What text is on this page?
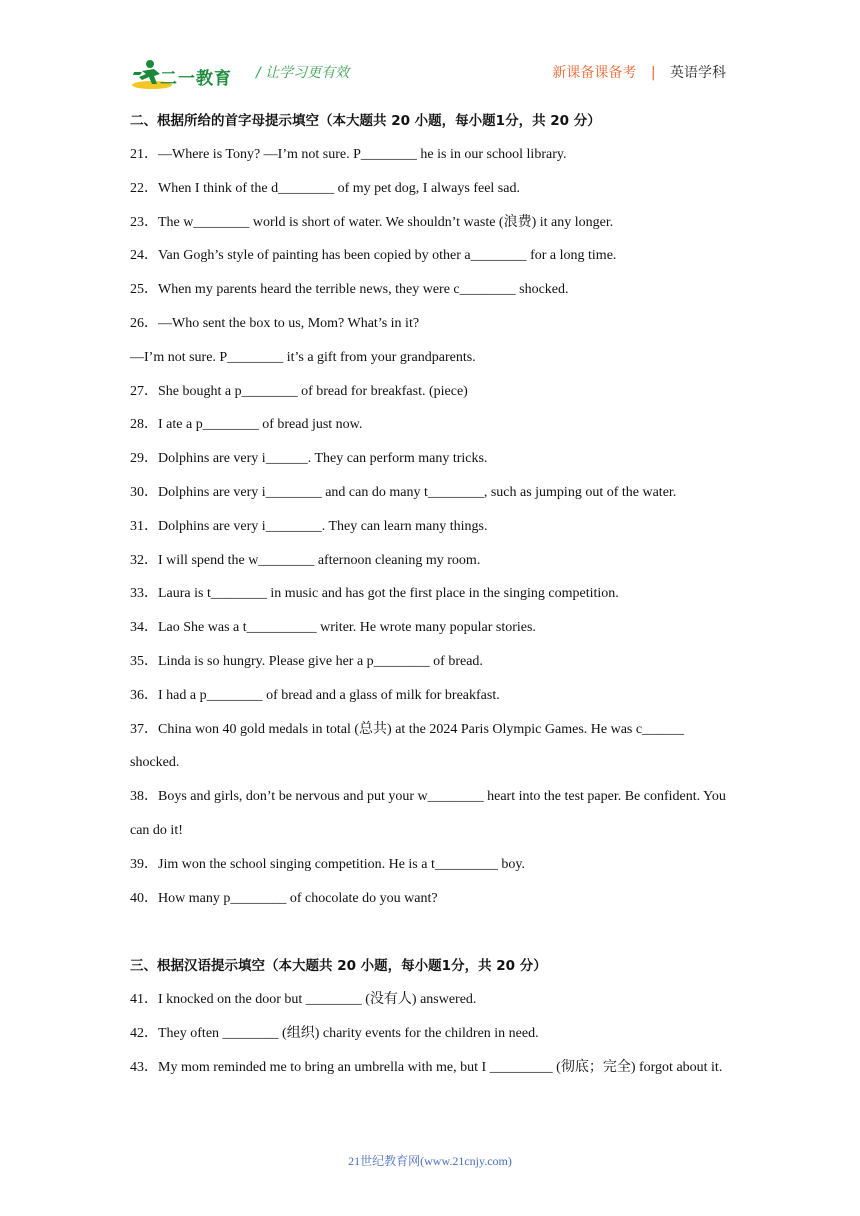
二一教育 / 让学习更有效	新课备课备考 | 英语学科
二、根据所给的首字母提示填空（本大题共 20 小题，每小题1分，共 20 分）
21．—Where is Tony? —I’m not sure. P________ he is in our school library.
22．When I think of the d________ of my pet dog, I always feel sad.
23．The w________ world is short of water. We shouldn’t waste (浪费) it any longer.
24．Van Gogh’s style of painting has been copied by other a________ for a long time.
25．When my parents heard the terrible news, they were c________ shocked.
26．—Who sent the box to us, Mom? What’s in it?
—I’m not sure. P________ it’s a gift from your grandparents.
27．She bought a p________ of bread for breakfast. (piece)
28．I ate a p________ of bread just now.
29．Dolphins are very i______. They can perform many tricks.
30．Dolphins are very i________ and can do many t________, such as jumping out of the water.
31．Dolphins are very i________. They can learn many things.
32．I will spend the w________ afternoon cleaning my room.
33．Laura is t________ in music and has got the first place in the singing competition.
34．Lao She was a t__________ writer. He wrote many popular stories.
35．Linda is so hungry. Please give her a p________ of bread.
36．I had a p________ of bread and a glass of milk for breakfast.
37．China won 40 gold medals in total (总共) at the 2024 Paris Olympic Games. He was c______ shocked.
38．Boys and girls, don’t be nervous and put your w________ heart into the test paper. Be confident. You can do it!
39．Jim won the school singing competition. He is a t_________ boy.
40．How many p________ of chocolate do you want?
三、根据汉语提示填空（本大题共 20 小题，每小题1分，共 20 分）
41．I knocked on the door but ________ (没有人) answered.
42．They often ________ (组织) charity events for the children in need.
43．My mom reminded me to bring an umbrella with me, but I _________ (彻底；完全) forgot about it.
21世纪教育网(www.21cnjy.com)
